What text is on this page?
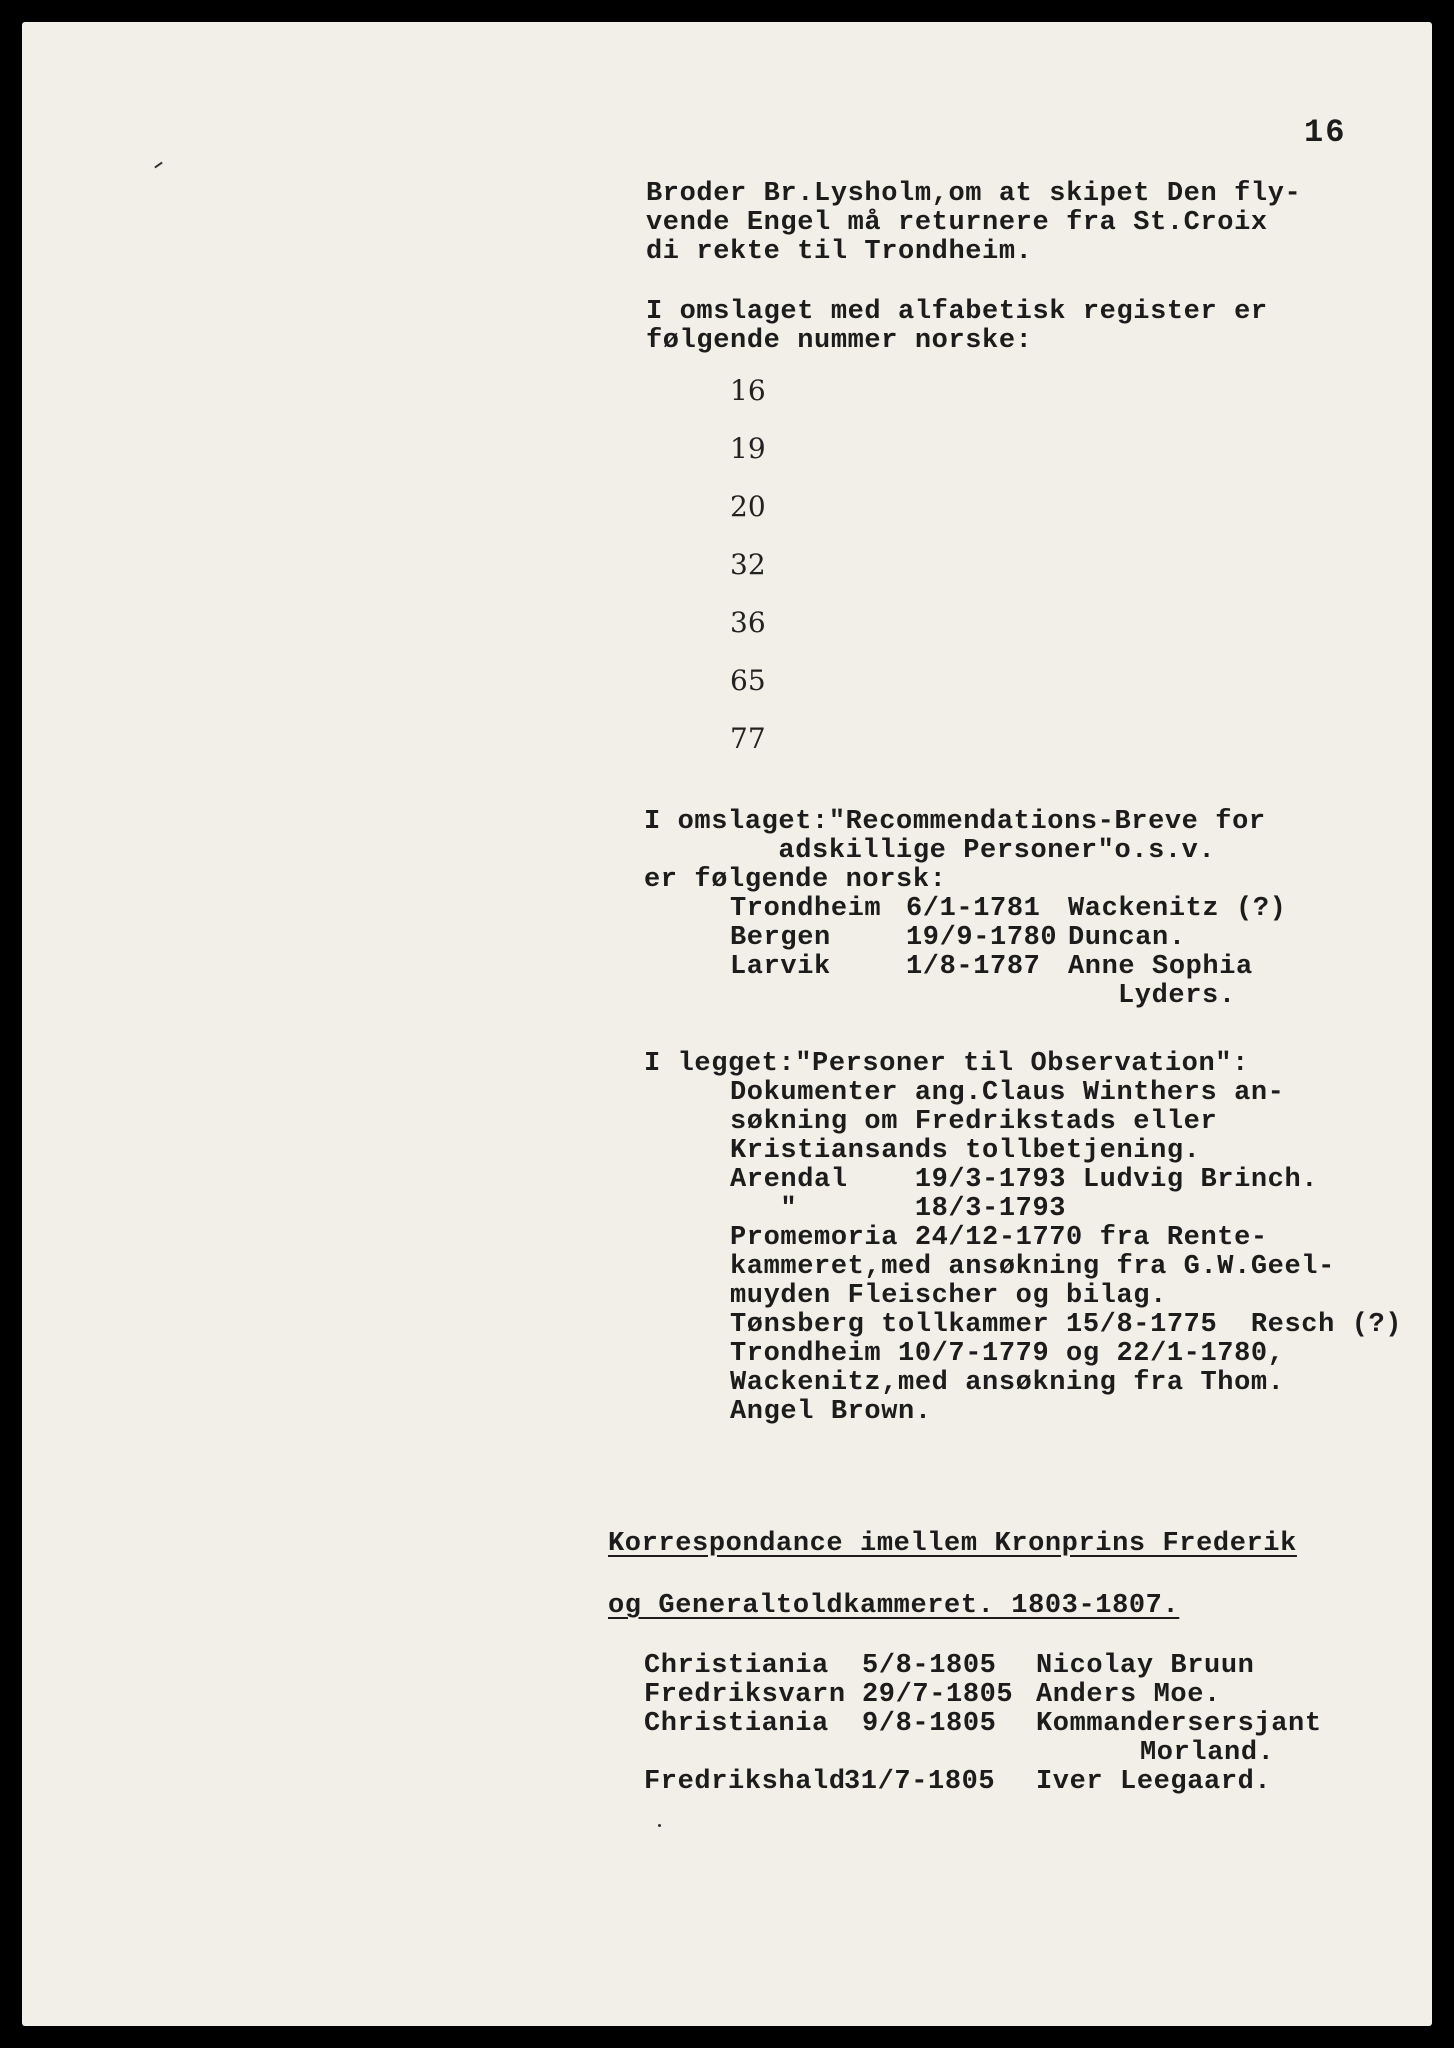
16
Broder Br.Lysholm,om at skipet Den fly-
vende Engel må returnere fra St.Croix
di rekte til Trondheim.
I omslaget med alfabetisk register er
følgende nummer norske:
16
19
20
32
36
65
77
I omslaget:"Recommendations-Breve for
adskillige Personer"o.s.v.
er følgende norsk:
Trondheim 6/1-1781 Wackenitz (?)
Bergen	19/9-1780 Duncan.
Larvik	1/8-1787 Anne Sophia
Lyders.
I legget:"Personer til Observation":
Dokumenter ang.Claus Winthers an-
søkning om Fredrikstads eller
Kristiansands tollbetjening.
Arendal    19/3-1793 Ludvig Brinch.
"       18/3-1793
Promemoria 24/12-1770 fra Rente-
kammeret,med ansøkning fra G.W.Geel-
muyden Fleischer og bilag.
Tønsberg tollkammer 15/8-1775  Resch (?)
Trondheim 10/7-1779 og 22/1-1780,
Wackenitz,med ansøkning fra Thom.
Angel Brown.
Korrespondance imellem Kronprins Frederik
og Generaltoldkammeret. 1803-1807.
Christiania 5/8-1805 Nicolay Bruun
Fredriksvarn 29/7-1805 Anders Moe.
Christiania 9/8-1805 Kommandersersjant
Morland.
Fredrikshald
31/7-1805 Iver Leegaard.
